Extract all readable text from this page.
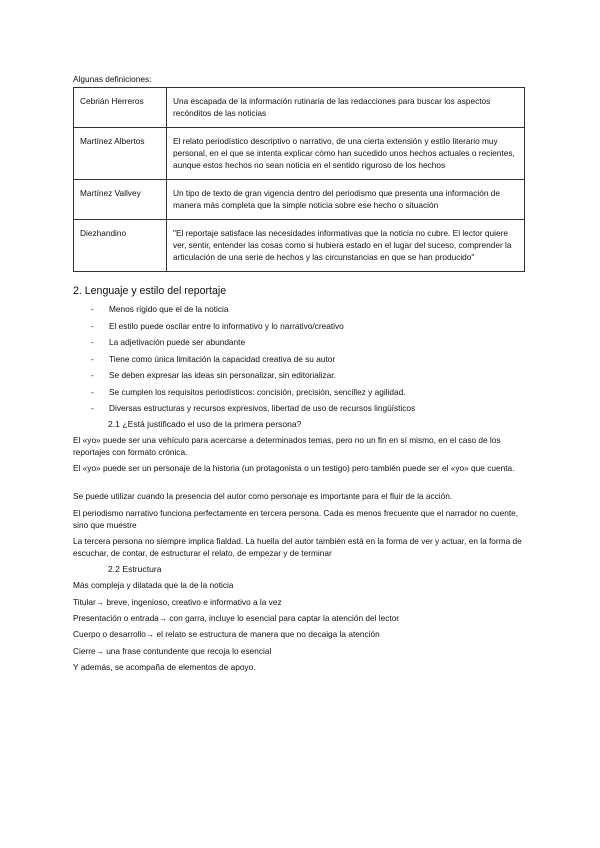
Algunas definiciones:

Cebrián Herreros	Una escapada de la información rutinaria de las redacciones para buscar los aspectos recónditos de las noticias
Martínez Albertos	El relato periodístico descriptivo o narrativo, de una cierta extensión y estilo literario muy personal, en el que se intenta explicar cómo han sucedido unos hechos actuales o recientes, aunque estos hechos no sean noticia en el sentido riguroso de los hechos
Martínez Vallvey	Un tipo de texto de gran vigencia dentro del periodismo que presenta una información de manera más completa que la simple noticia sobre ese hecho o situación
Diezhandino	"El reportaje satisface las necesidades informativas que la noticia no cubre. El lector quiere ver, sentir, entender las cosas como si hubiera estado en el lugar del suceso, comprender la articulación de una serie de hechos y las circunstancias en que se han producido"
2. Lenguaje y estilo del reportaje
- Menos rígido que el de la noticia
- El estilo puede oscilar entre lo informativo y lo narrativo/creativo
- La adjetivación puede ser abundante
- Tiene como única limitación la capacidad creativa de su autor
- Se deben expresar las ideas sin personalizar, sin editorializar.
- Se cumplen los requisitos periodísticos: concisión, precisión, sencillez y agilidad.
- Diversas estructuras y recursos expresivos, libertad de uso de recursos lingüísticos
2.1 ¿Está justificado el uso de la primera persona?

El «yo» puede ser una vehículo para acercarse a determinados temas, pero no un fin en sí mismo, en el caso de los reportajes con formato crónica.

El «yo» puede ser un personaje de la historia (un protagonista o un testigo) pero también puede ser el «yo» que cuenta.

Se puede utilizar cuando la presencia del autor como personaje es importante para el fluir de la acción.

El periodismo narrativo funciona perfectamente en tercera persona. Cada es menos frecuente que el narrador no cuente, sino que muestre

La tercera persona no siempre implica fialdad. La huella del autor también está en la forma de ver y actuar, en la forma de escuchar, de contar, de estructurar el relato, de empezar y de terminar

2.2 Estructura

Más compleja y dilatada que la de la noticia

Titular→ breve, ingenioso, creativo e informativo a la vez

Presentación o entrada→ con garra, incluye lo esencial para captar la atención del lector

Cuerpo o desarrollo→ el relato se estructura de manera que no decaiga la atención

Cierre→ una frase contundente que recoja lo esencial

Y además, se acompaña de elementos de apoyo.
